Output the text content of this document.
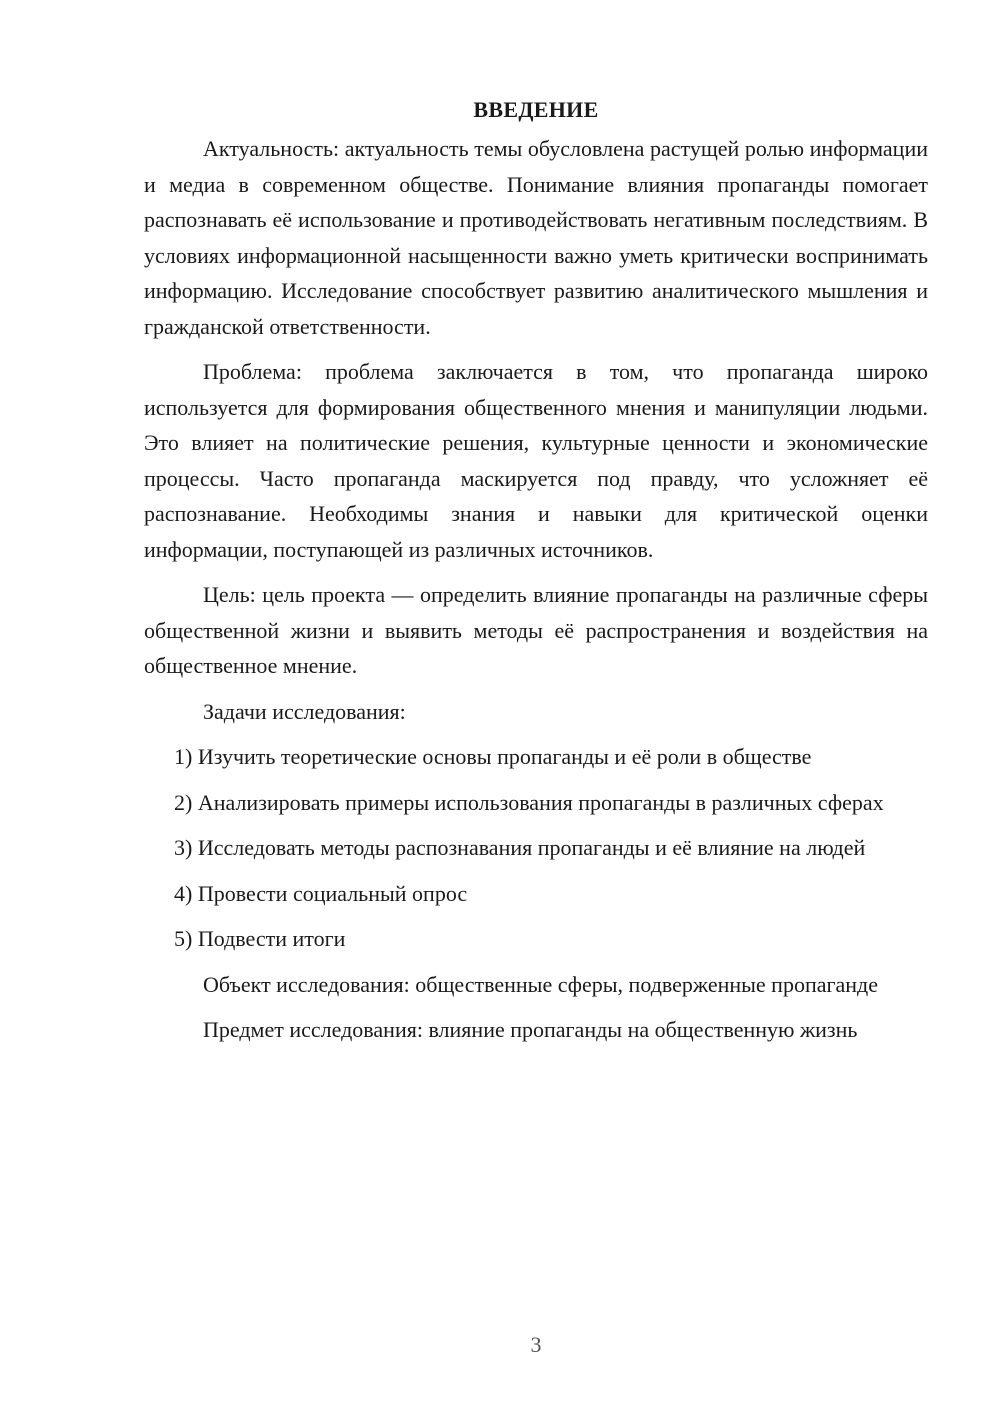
ВВЕДЕНИЕ

Актуальность: актуальность темы обусловлена растущей ролью информации и медиа в современном обществе. Понимание влияния пропаганды помогает распознавать её использование и противодействовать негативным последствиям. В условиях информационной насыщенности важно уметь критически воспринимать информацию. Исследование способствует развитию аналитического мышления и гражданской ответственности.

Проблема: проблема заключается в том, что пропаганда широко используется для формирования общественного мнения и манипуляции людьми. Это влияет на политические решения, культурные ценности и экономические процессы. Часто пропаганда маскируется под правду, что усложняет её распознавание. Необходимы знания и навыки для критической оценки информации, поступающей из различных источников.

Цель: цель проекта — определить влияние пропаганды на различные сферы общественной жизни и выявить методы её распространения и воздействия на общественное мнение.

Задачи исследования:

1) Изучить теоретические основы пропаганды и её роли в обществе

2) Анализировать примеры использования пропаганды в различных сферах

3) Исследовать методы распознавания пропаганды и её влияние на людей

4) Провести социальный опрос

5) Подвести итоги

Объект исследования: общественные сферы, подверженные пропаганде

Предмет исследования: влияние пропаганды на общественную жизнь

3
